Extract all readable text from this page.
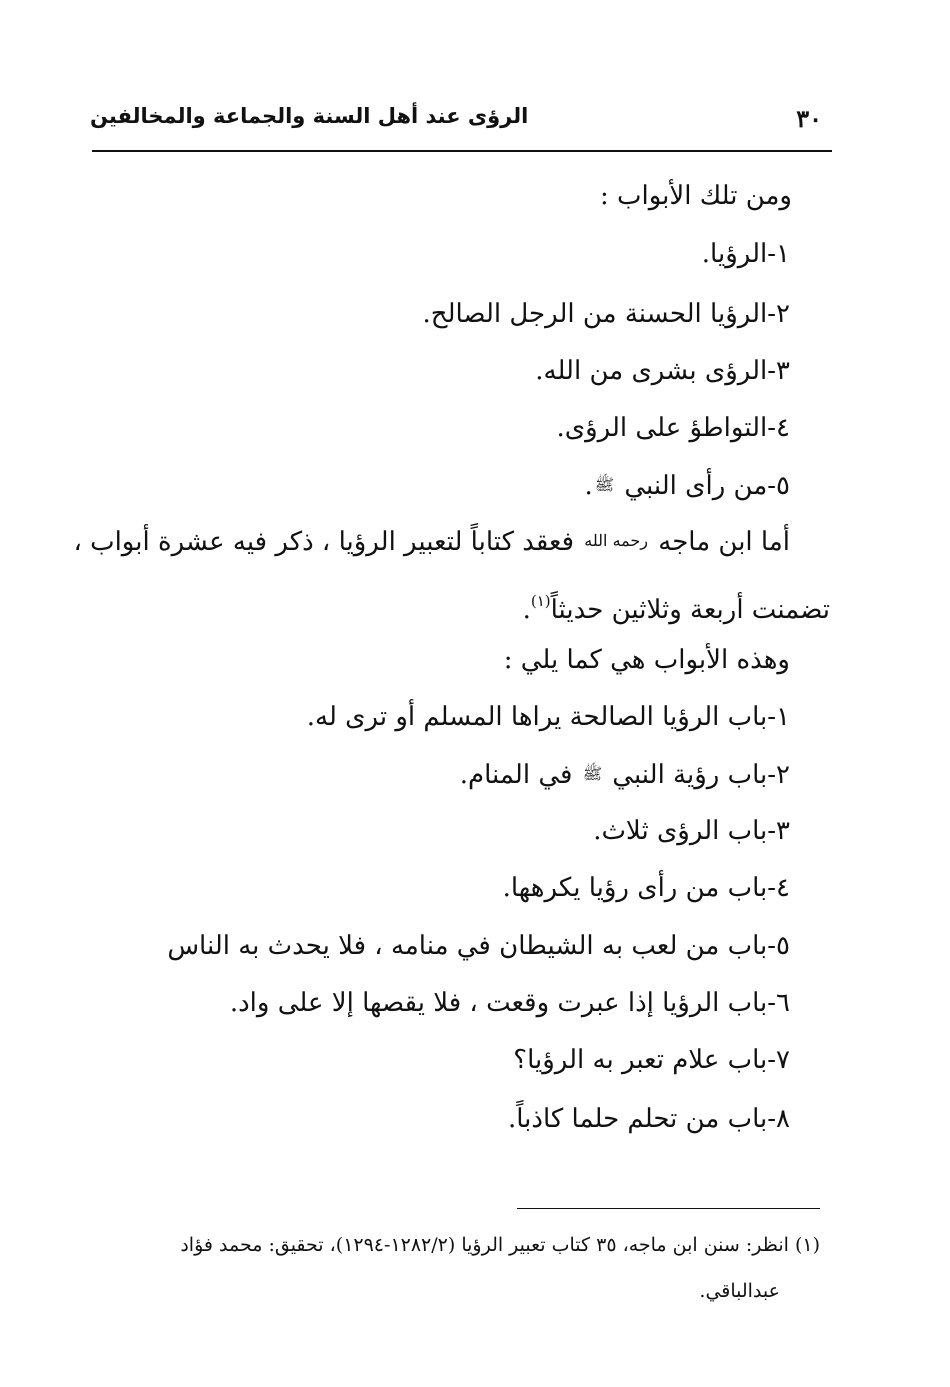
٣٠
الرؤى عند أهل السنة والجماعة والمخالفين
ومن تلك الأبواب :
١-الرؤيا.
٢-الرؤيا الحسنة من الرجل الصالح.
٣-الرؤى بشرى من الله.
٤-التواطؤ على الرؤى.
٥-من رأى النبي ﷺ.
أما ابن ماجه رحمه الله فعقد كتاباً لتعبير الرؤيا ، ذكر فيه عشرة أبواب ،
تضمنت أربعة وثلاثين حديثاً$^{(١)}$.
وهذه الأبواب هي كما يلي :
١-باب الرؤيا الصالحة يراها المسلم أو ترى له.
٢-باب رؤية النبي ﷺ في المنام.
٣-باب الرؤى ثلاث.
٤-باب من رأى رؤيا يكرهها.
٥-باب من لعب به الشيطان في منامه ، فلا يحدث به الناس
٦-باب الرؤيا إذا عبرت وقعت ، فلا يقصها إلا على واد.
٧-باب علام تعبر به الرؤيا؟
٨-باب من تحلم حلما كاذباً.
(١) انظر: سنن ابن ماجه، ٣٥ كتاب تعبير الرؤيا (١٢٨٢/٢-١٢٩٤)، تحقيق: محمد فؤاد
عبدالباقي.
